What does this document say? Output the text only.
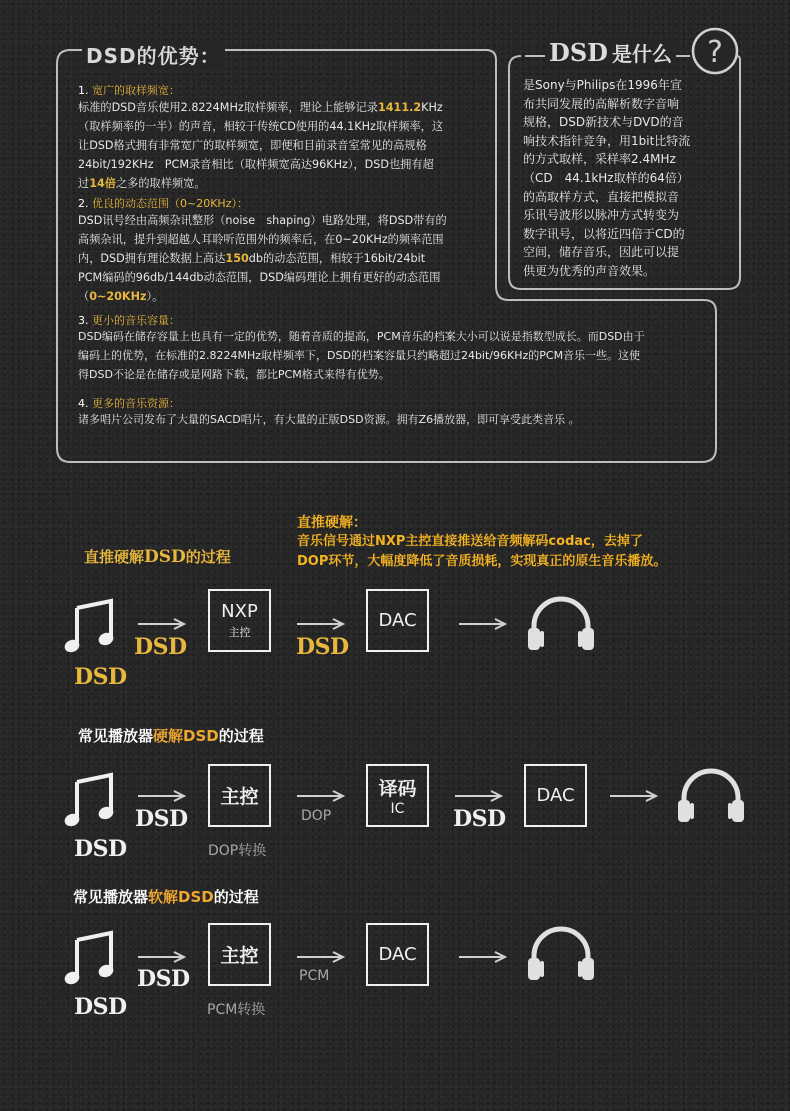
DSD的优势：
1. 宽广的取样频宽：
标准的DSD音乐使用2.8224MHz取样频率，理论上能够记录1411.2KHz
（取样频率的一半）的声音，相较于传统CD使用的44.1KHz取样频率，这
让DSD格式拥有非常宽广的取样频宽，即便和目前录音室常见的高规格
24bit/192KHz　PCM录音相比（取样频宽高达96KHz），DSD也拥有超
过14倍之多的取样频宽。
2. 优良的动态范围（0~20KHz）：
DSD讯号经由高频杂讯整形（noise　shaping）电路处理，将DSD带有的
高频杂讯，提升到超越人耳聆听范围外的频率后，在0~20KHz的频率范围
内，DSD拥有理论数据上高达150db的动态范围，相较于16bit/24bit
PCM编码的96db/144db动态范围，DSD编码理论上拥有更好的动态范围
（0~20KHz）。
3. 更小的音乐容量：
DSD编码在储存容量上也具有一定的优势，随着音质的提高，PCM音乐的档案大小可以说是指数型成长。而DSD由于
编码上的优势，在标准的2.8224MHz取样频率下，DSD的档案容量只约略超过24bit/96KHz的PCM音乐一些。这使
得DSD不论是在储存或是网路下载，都比PCM格式来得有优势。
4. 更多的音乐资源：
诸多唱片公司发布了大量的SACD唱片，有大量的正版DSD资源。拥有Z6播放器，即可享受此类音乐 。
DSD 是什么 ?
是Sony与Philips在1996年宣
布共同发展的高解析数字音响
规格，DSD新技术与DVD的音
响技术指针竞争，用1bit比特流
的方式取样，采样率2.4MHz
（CD　44.1kHz取样的64倍）
的高取样方式，直接把模拟音
乐讯号波形以脉冲方式转变为
数字讯号，以将近四倍于CD的
空间，储存音乐，因此可以提
供更为优秀的声音效果。
直推硬解：
音乐信号通过NXP主控直接推送给音频解码codac，去掉了
DOP环节，大幅度降低了音质损耗，实现真正的原生音乐播放。
直推硬解DSD的过程
DSD
DSD
NXP
主控
DSD
DAC
常见播放器硬解DSD的过程
DSD
DSD
主控
DOP转换
DOP
译码
IC DSD
DAC
常见播放器软解DSD的过程
DSD
DSD
主控
PCM转换
PCM
DAC
